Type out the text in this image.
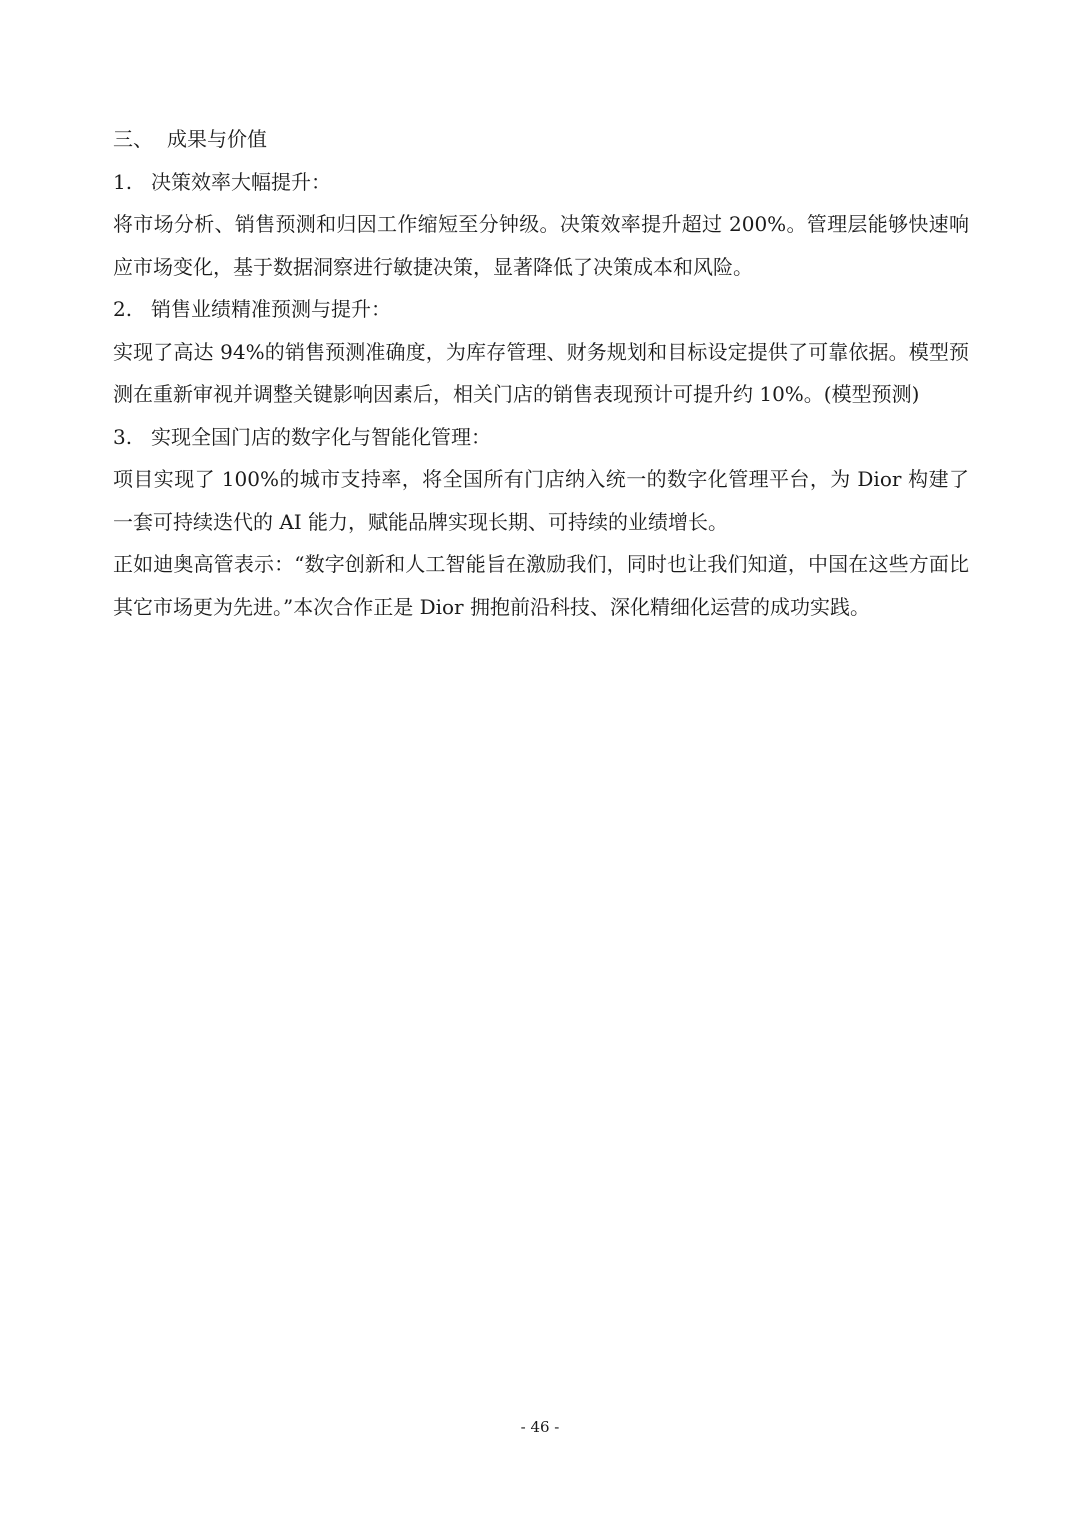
三、 成果与价值
1. 决策效率大幅提升：
将市场分析、销售预测和归因工作缩短至分钟级。决策效率提升超过 200%。管理层能够快速响应市场变化，基于数据洞察进行敏捷决策，显著降低了决策成本和风险。
2. 销售业绩精准预测与提升：
实现了高达 94%的销售预测准确度，为库存管理、财务规划和目标设定提供了可靠依据。模型预测在重新审视并调整关键影响因素后，相关门店的销售表现预计可提升约 10%。(模型预测)
3. 实现全国门店的数字化与智能化管理：
项目实现了 100%的城市支持率，将全国所有门店纳入统一的数字化管理平台，为 Dior 构建了一套可持续迭代的 AI 能力，赋能品牌实现长期、可持续的业绩增长。
正如迪奥高管表示：“数字创新和人工智能旨在激励我们，同时也让我们知道，中国在这些方面比其它市场更为先进。”本次合作正是 Dior 拥抱前沿科技、深化精细化运营的成功实践。
- 46 -
